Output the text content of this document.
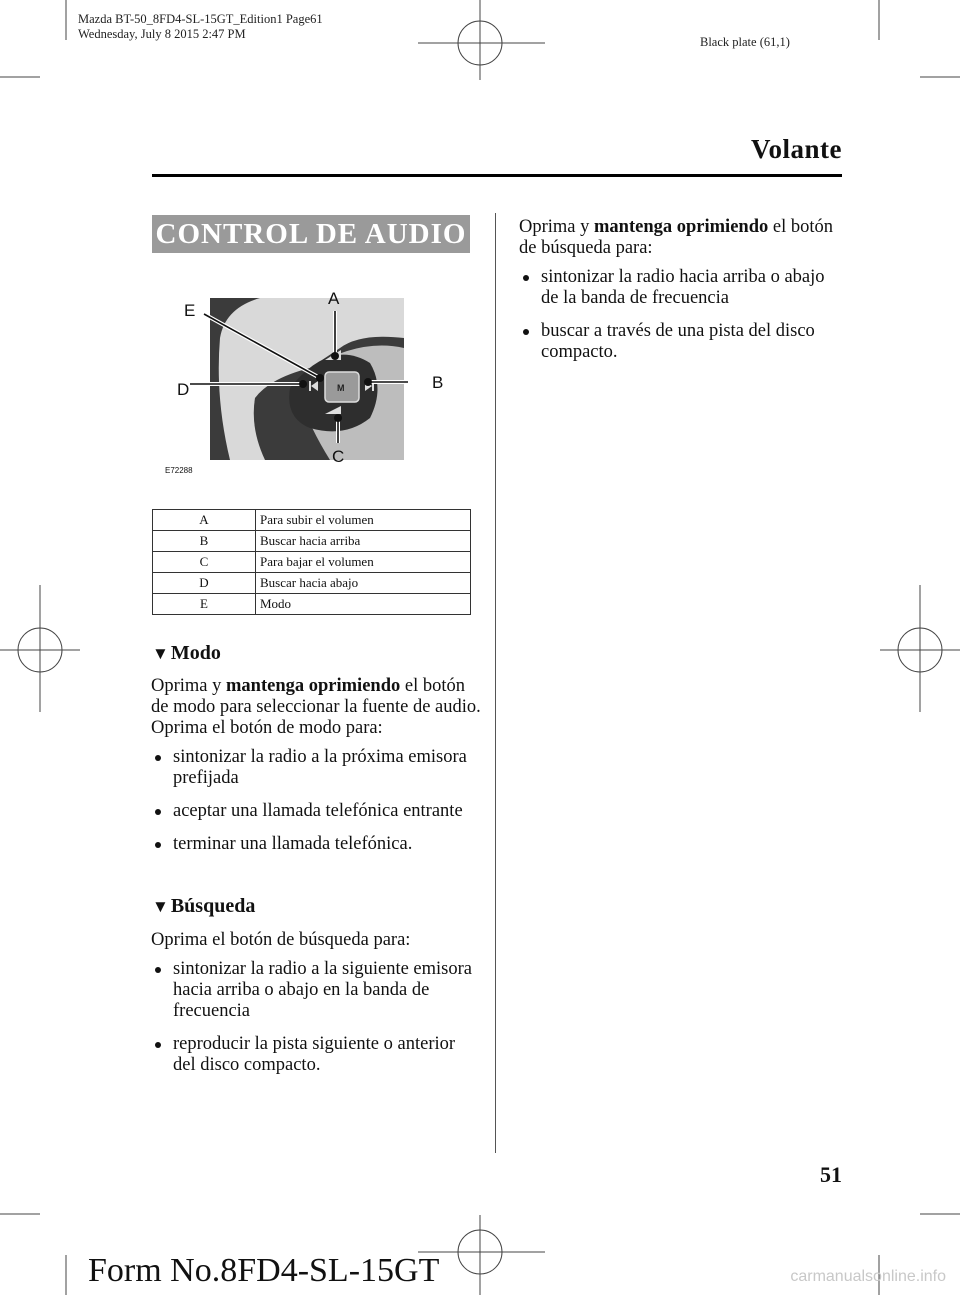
Mazda BT-50_8FD4-SL-15GT_Edition1 Page61
Wednesday, July 8 2015 2:47 PM
Black plate (61,1)
Volante
CONTROL DE AUDIO
M
A
B
C
D
E
E72288
A	Para subir el volumen
B	Buscar hacia arriba
C	Para bajar el volumen
D	Buscar hacia abajo
E	Modo
▼ Modo
Oprima y mantenga oprimiendo el botón de modo para seleccionar la fuente de audio.
Oprima el botón de modo para:
sintonizar la radio a la próxima emisora prefijada
aceptar una llamada telefónica entrante
terminar una llamada telefónica.
▼ Búsqueda
Oprima el botón de búsqueda para:
sintonizar la radio a la siguiente emisora hacia arriba o abajo en la banda de frecuencia
reproducir la pista siguiente o anterior del disco compacto.
Oprima y mantenga oprimiendo el botón de búsqueda para:
sintonizar la radio hacia arriba o abajo de la banda de frecuencia
buscar a través de una pista del disco compacto.
51
Form No.8FD4-SL-15GT	carmanualsonline.info
